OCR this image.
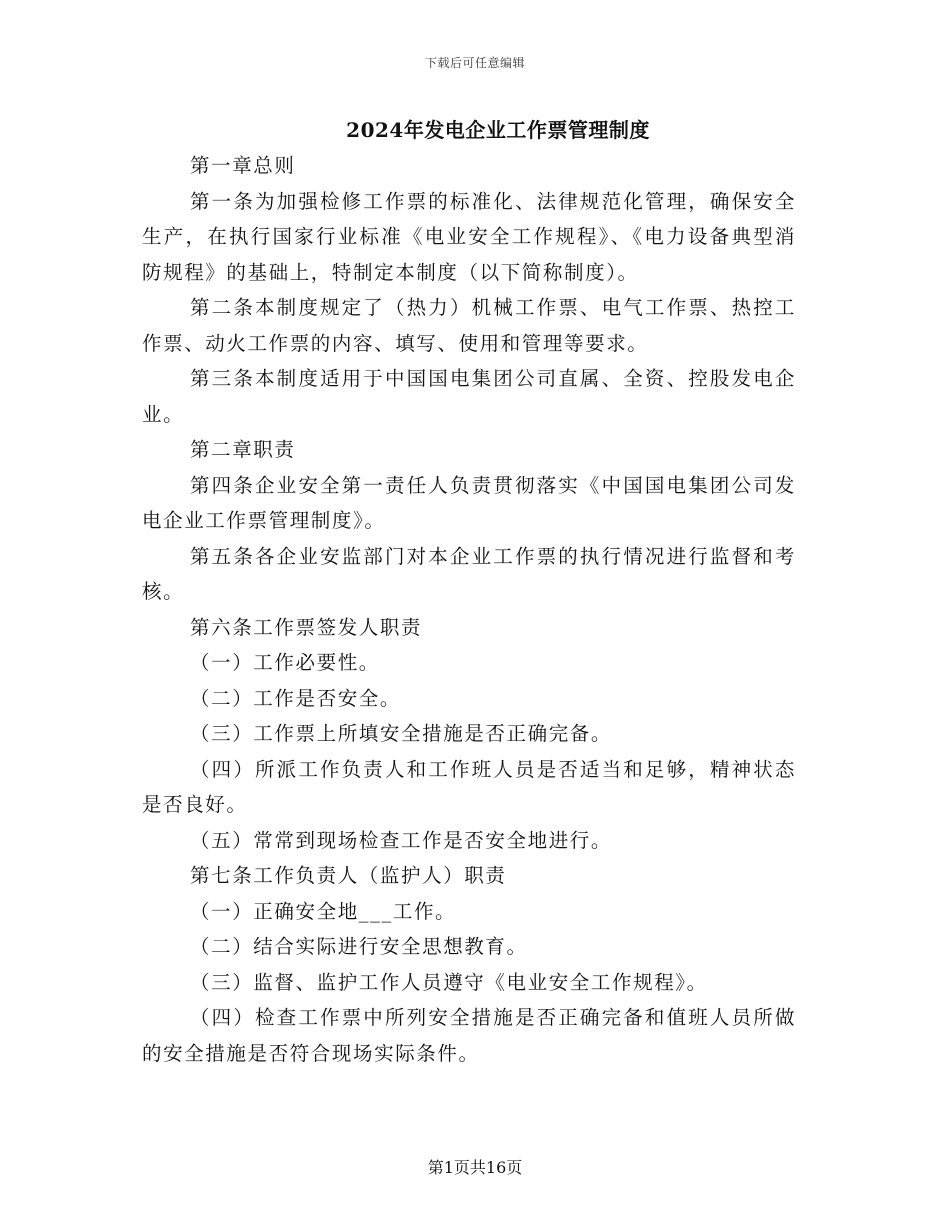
下载后可任意编辑
2024年发电企业工作票管理制度

第一章总则

第一条为加强检修工作票的标准化、法律规范化管理，确保安全生产，在执行国家行业标准《电业安全工作规程》、《电力设备典型消防规程》的基础上，特制定本制度（以下简称制度）。

第二条本制度规定了（热力）机械工作票、电气工作票、热控工作票、动火工作票的内容、填写、使用和管理等要求。

第三条本制度适用于中国国电集团公司直属、全资、控股发电企业。

第二章职责

第四条企业安全第一责任人负责贯彻落实《中国国电集团公司发电企业工作票管理制度》。

第五条各企业安监部门对本企业工作票的执行情况进行监督和考核。

第六条工作票签发人职责

（一）工作必要性。

（二）工作是否安全。

（三）工作票上所填安全措施是否正确完备。

（四）所派工作负责人和工作班人员是否适当和足够，精神状态是否良好。

（五）常常到现场检查工作是否安全地进行。

第七条工作负责人（监护人）职责

（一）正确安全地___工作。

（二）结合实际进行安全思想教育。

（三）监督、监护工作人员遵守《电业安全工作规程》。

（四）检查工作票中所列安全措施是否正确完备和值班人员所做的安全措施是否符合现场实际条件。

第1页共16页
